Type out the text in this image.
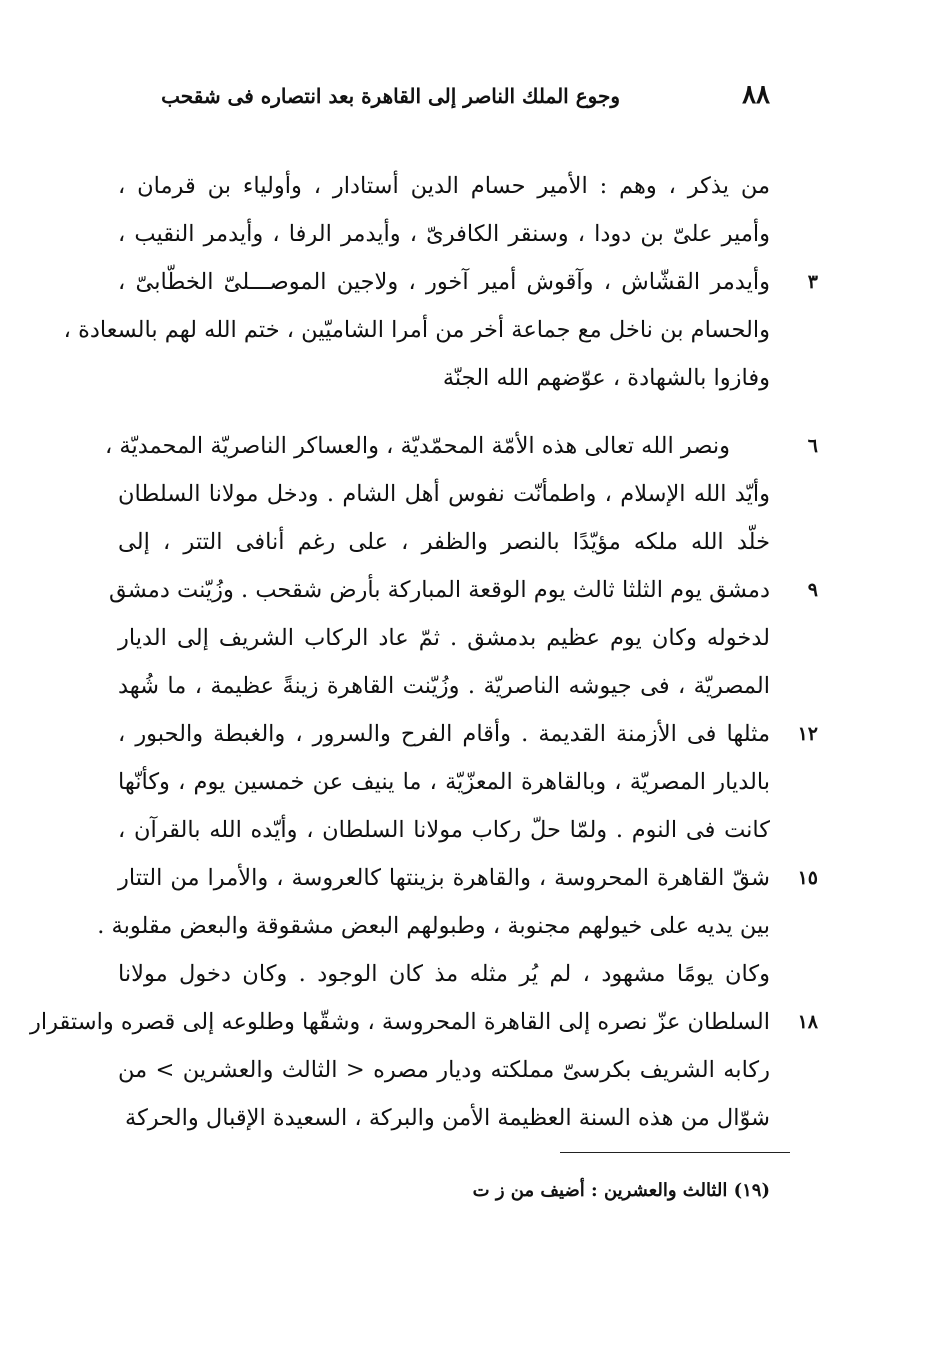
٨٨
وجوع الملك الناصر إلى القاهرة بعد انتصاره فى شقحب
من يذكر ، وهم : الأمير حسام الدين أستادار ، وأولياء بن قرمان ،
وأمير علىّ بن دودا ، وسنقر الكافرىّ ، وأيدمر الرفا ، وأيدمر النقيب ،
وأيدمر القشّاش ، وآقوش أمير آخور ، ولاجين الموصـــلىّ الخطّابىّ ،	٣
والحسام بن ناخل مع جماعة أخر من أمرا الشاميّين ، ختم الله لهم بالسعادة ،
وفازوا بالشهادة ، عوّضهم الله الجنّة
ونصر الله تعالى هذه الأمّة المحمّديّة ، والعساكر الناصريّة المحمديّة ،	٦
وأيّد الله الإسلام ، واطمأنّت نفوس أهل الشام . ودخل مولانا السلطان
خلّد الله ملكه مؤيّدًا بالنصر والظفر ، على رغم أنافى التتر ، إلى
دمشق يوم الثلثا ثالث يوم الوقعة المباركة بأرض شقحب . وزُيّنت دمشق	٩
لدخوله وكان يوم عظيم بدمشق . ثمّ عاد الركاب الشريف إلى الديار
المصريّة ، فى جيوشه الناصريّة . وزُيّنت القاهرة زينةً عظيمة ، ما شُهد
مثلها فى الأزمنة القديمة . وأقام الفرح والسرور ، والغبطة والحبور ،	١٢
بالديار المصريّة ، وبالقاهرة المعزّيّة ، ما ينيف عن خمسين يوم ، وكأنّها
كانت فى النوم . ولمّا حلّ ركاب مولانا السلطان ، وأيّده الله بالقرآن ،
شقّ القاهرة المحروسة ، والقاهرة بزينتها كالعروسة ، والأمرا من التتار	١٥
بين يديه على خيولهم مجنوبة ، وطبولهم البعض مشقوقة والبعض مقلوبة .
وكان يومًا مشهود ، لم يُر مثله مذ كان الوجود . وكان دخول مولانا
السلطان عزّ نصره إلى القاهرة المحروسة ، وشقّها وطلوعه إلى قصره واستقرار	١٨
ركابه الشريف بكرسىّ مملكته وديار مصره < الثالث والعشرين > من
شوّال من هذه السنة العظيمة الأمن والبركة ، السعيدة الإقبال والحركة
(١٩) الثالث والعشرين : أضيف من ز ت
